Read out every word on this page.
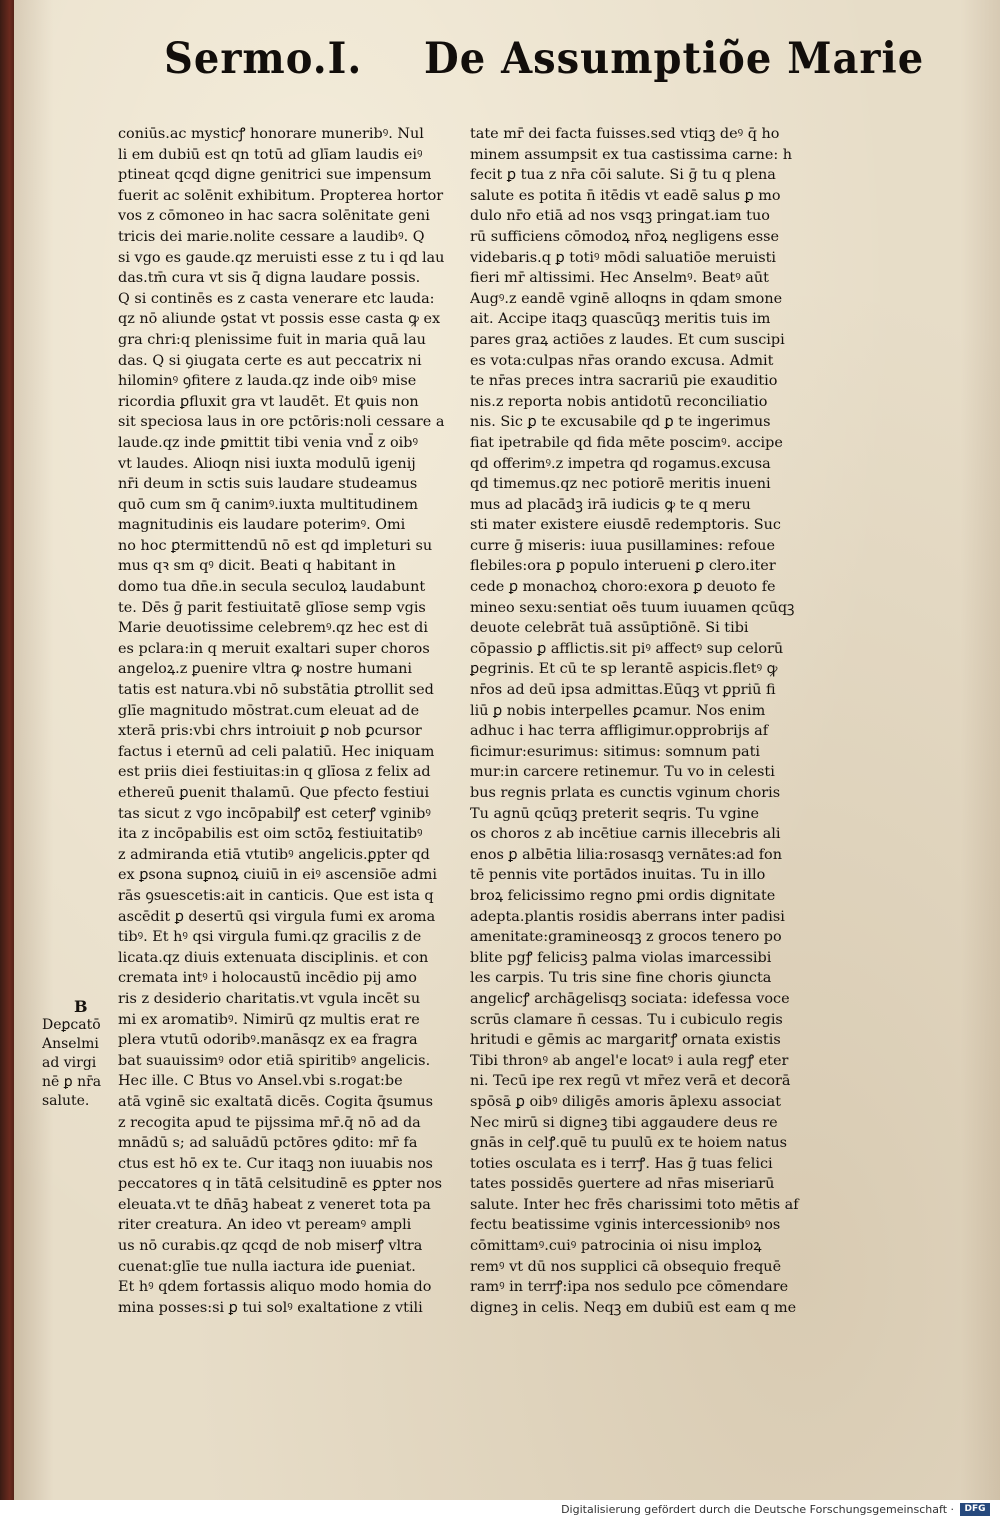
Sermo.I. De Assumptiõe Marie
coniūs.ac mysticꝭ honorare muneribꝰ. Nul
li em dubiū est qn totū ad glīam laudis eiꝰ
ptineat qcqd digne genitrici sue impensum
fuerit ac solēnit exhibitum. Propterea hortor
vos z cōmoneo in hac sacra solēnitate geni
tricis dei marie.nolite cessare a laudibꝰ. Q
si vgo es gaude.qz meruisti esse z tu i qd lau
das.tm̄ cura vt sis q̄ digna laudare possis.
Q si continēs es z casta venerare etc lauda:
qz nō aliunde ꝯstat vt possis esse casta ꝙ ex
gra chri:q plenissime fuit in maria quā lau
das. Q si ꝯiugata certe es aut peccatrix ni
hilominꝰ ꝯfitere z lauda.qz inde oibꝰ mise
ricordia ꝑfluxit gra vt laudēt. Et ꝙuis non
sit speciosa laus in ore pctōris:noli cessare a
laude.qz inde ꝑmittit tibi venia vnd̄ z oibꝰ
vt laudes. Alioqn nisi iuxta modulū igenij
nr̄i deum in sctis suis laudare studeamus
quō cum sm q̄ canimꝰ.iuxta multitudinem
magnitudinis eis laudare poterimꝰ. Omi
no hoc ꝑtermittendū nō est qd impleturi su
mus qꝛ sm qꝰ dicit. Beati q habitant in
domo tua dn̄e.in secula seculoꝝ laudabunt
te. Dēs ḡ parit festiuitatē glīose semp vgis
Marie deuotissime celebremꝰ.qz hec est di
es pclara:in q meruit exaltari super choros
angeloꝝ.z ꝑuenire vltra ꝙ nostre humani
tatis est natura.vbi nō substātia ꝑtrollit sed
glīe magnitudo mōstrat.cum eleuat ad de
xterā pris:vbi chrs introiuit ꝑ nob ꝑcursor
factus i eternū ad celi palatiū. Hec iniquam
est priis diei festiuitas:in q glīosa z felix ad
ethereū ꝑuenit thalamū. Que pfecto festiui
tas sicut z vgo incōpabilꝭ est ceterꝭ vginibꝰ
ita z incōpabilis est oim sctōꝝ festiuitatibꝰ
z admiranda etiā vtutibꝰ angelicis.ꝑpter qd
ex ꝑsona suꝑnoꝝ ciuiū in eiꝰ ascensiōe admi
rās ꝯsuescetis:ait in canticis. Que est ista q
ascēdit ꝑ desertū qsi virgula fumi ex aroma
tibꝰ. Et hꝰ qsi virgula fumi.qz gracilis z de
licata.qz diuis extenuata disciplinis. et con
cremata intꝰ i holocaustū incēdio pij amo
ris z desiderio charitatis.vt vgula incēt su
mi ex aromatibꝰ. Nimirū qz multis erat re
plera vtutū odoribꝰ.manāsqz ex ea fragra
bat suauissimꝰ odor etiā spiritibꝰ angelicis.
Hec ille. C Btus vo Ansel.vbi s.rogat:be
atā vginē sic exaltatā dicēs. Cogita q̄sumus
z recogita apud te pijssima mr̄.q̄ nō ad da
mnādū s; ad saluādū pctōres ꝯdito: mr̄ fa
ctus est hō ex te. Cur itaqꝫ non iuuabis nos
peccatores q in tātā celsitudinē es ꝑpter nos
eleuata.vt te dn̄āꝫ habeat z veneret tota pa
riter creatura. An ideo vt pereamꝰ ampli
us nō curabis.qz qcqd de nob miserꝭ vltra
cuenat:glīe tue nulla iactura ide ꝑueniat.
Et hꝰ qdem fortassis aliquo modo homia do
mina posses:si ꝑ tui solꝰ exaltatione z vtili
tate mr̄ dei facta fuisses.sed vtiqꝫ deꝰ q̄ ho
minem assumpsit ex tua castissima carne: h
fecit ꝑ tua z nr̄a cōi salute. Si ḡ tu q plena
salute es potita n̄ itēdis vt eadē salus ꝑ mo
dulo nr̄o etiā ad nos vsqꝫ pringat.iam tuo
rū sufficiens cōmodoꝝ nr̄oꝝ negligens esse
videbaris.q ꝑ totiꝰ mōdi saluatiōe meruisti
fieri mr̄ altissimi. Hec Anselmꝰ. Beatꝰ aūt
Augꝰ.z eandē vginē alloqns in qdam smone
ait. Accipe itaqꝫ quascūqꝫ meritis tuis im
pares graꝝ actiōes z laudes. Et cum suscipi
es vota:culpas nr̄as orando excusa. Admit
te nr̄as preces intra sacrariū pie exauditio
nis.z reporta nobis antidotū reconciliatio
nis. Sic ꝑ te excusabile qd ꝑ te ingerimus
fiat ipetrabile qd fida mēte poscimꝰ. accipe
qd offerimꝰ.z impetra qd rogamus.excusa
qd timemus.qz nec potiorē meritis inueni
mus ad placādꝫ irā iudicis ꝙ te q meru
sti mater existere eiusdē redemptoris. Suc
curre ḡ miseris: iuua pusillamines: refoue
flebiles:ora ꝑ populo interueni ꝑ clero.iter
cede ꝑ monachoꝝ choro:exora ꝑ deuoto fe
mineo sexu:sentiat oēs tuum iuuamen qcūqꝫ
deuote celebrāt tuā assūptiōnē. Si tibi
cōpassio ꝑ afflictis.sit piꝰ affectꝰ sup celorū
ꝑegrinis. Et cū te sp lerantē aspicis.fletꝰ ꝙ
nr̄os ad deū ipsa admittas.Eūqꝫ vt ꝑpriū fi
liū ꝑ nobis interpelles ꝑcamur. Nos enim
adhuc i hac terra affligimur.opprobrijs af
ficimur:esurimus: sitimus: somnum pati
mur:in carcere retinemur. Tu vo in celesti
bus regnis prlata es cunctis vginum choris
Tu agnū qcūqꝫ preterit seqris. Tu vgine
os choros z ab incētiue carnis illecebris ali
enos ꝑ albētia lilia:rosasqꝫ vernātes:ad fon
tē pennis vite portādos inuitas. Tu in illo
broꝝ felicissimo regno ꝑmi ordis dignitate
adepta.plantis rosidis aberrans inter padisi
amenitate:gramineosqꝫ z grocos tenero po
blite pgꝭ felicisꝫ palma violas imarcessibi
les carpis. Tu tris sine fine choris ꝯiuncta
angelicꝭ archāgelisqꝫ sociata: idefessa voce
scrūs clamare n̄ cessas. Tu i cubiculo regis
hritudi e gēmis ac margaritꝭ ornata existis
Tibi thronꝰ ab angel'e locatꝰ i aula regꝭ eter
ni. Tecū ipe rex regū vt mr̄ez verā et decorā
spōsā ꝑ oibꝰ diligēs amoris āplexu associat
Nec mirū si digneꝫ tibi aggaudere deus re
gnās in celꝭ.quē tu puulū ex te hoiem natus
toties osculata es i terrꝭ. Has ḡ tuas felici
tates possidēs ꝯuertere ad nr̄as miseriarū
salute. Inter hec frēs charissimi toto mētis af
fectu beatissime vginis intercessionibꝰ nos
cōmittamꝰ.cuiꝰ patrocinia oi nisu imploꝝ
remꝰ vt dū nos supplici cā obsequio frequē
ramꝰ in terrꝭ:ipa nos sedulo pce cōmendare
digneꝫ in celis. Neqꝫ em dubiū est eam q me
B
Deꝑcatō
Anselmi
ad virgi
nē ꝑ nr̄a
salute.
Digitalisierung gefördert durch die Deutsche Forschungsgemeinschaft ·	DFG
